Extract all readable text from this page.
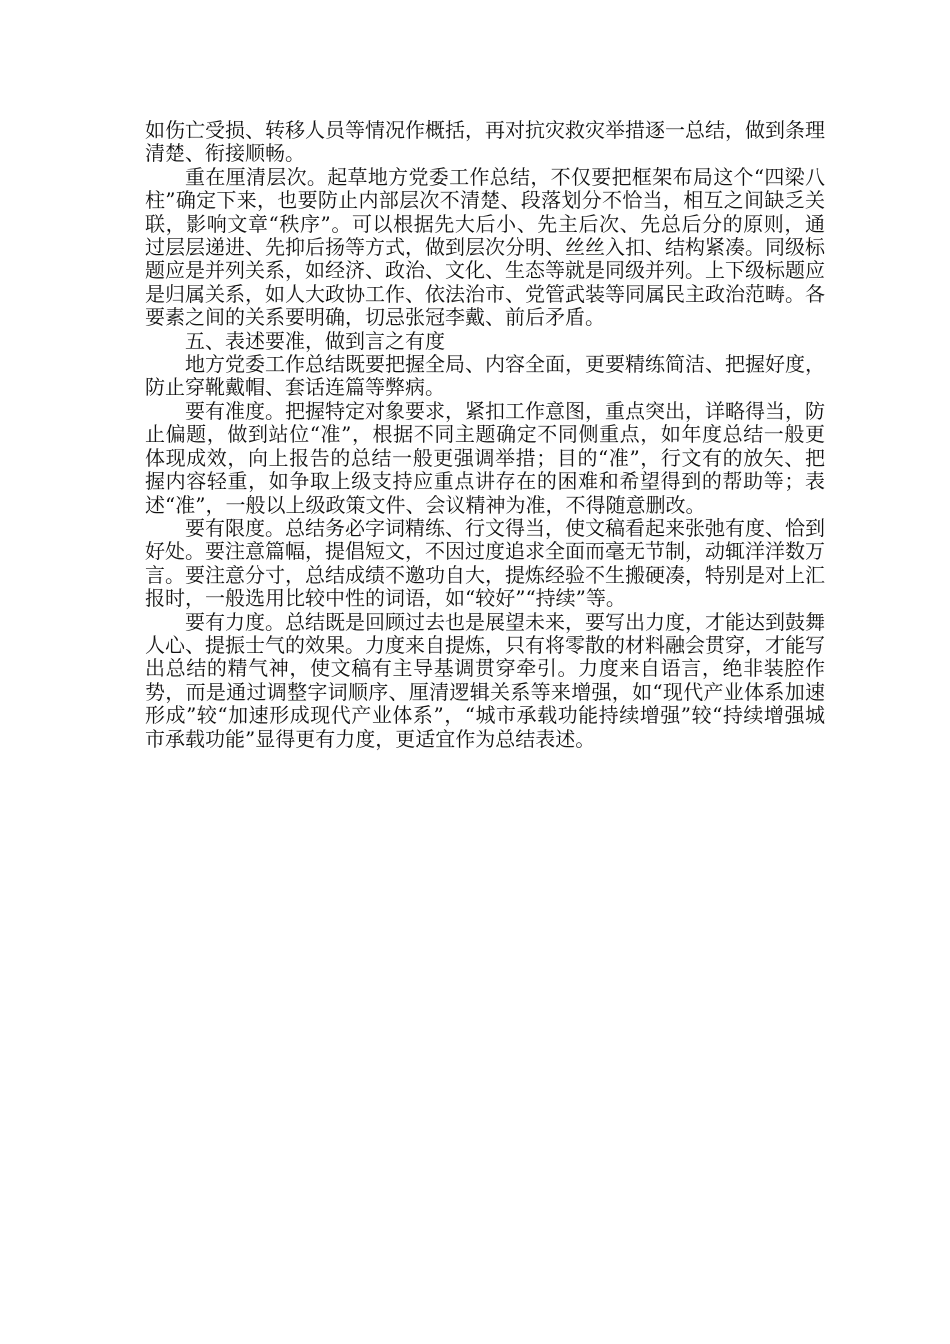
如伤亡受损、转移人员等情况作概括，再对抗灾救灾举措逐一总结，做到条理清楚、衔接顺畅。

重在厘清层次。起草地方党委工作总结，不仅要把框架布局这个“四梁八柱”确定下来，也要防止内部层次不清楚、段落划分不恰当，相互之间缺乏关联，影响文章“秩序”。可以根据先大后小、先主后次、先总后分的原则，通过层层递进、先抑后扬等方式，做到层次分明、丝丝入扣、结构紧凑。同级标题应是并列关系，如经济、政治、文化、生态等就是同级并列。上下级标题应是归属关系，如人大政协工作、依法治市、党管武装等同属民主政治范畴。各要素之间的关系要明确，切忌张冠李戴、前后矛盾。

五、表述要准，做到言之有度

地方党委工作总结既要把握全局、内容全面，更要精练简洁、把握好度，防止穿靴戴帽、套话连篇等弊病。

要有准度。把握特定对象要求，紧扣工作意图，重点突出，详略得当，防止偏题，做到站位“准”，根据不同主题确定不同侧重点，如年度总结一般更体现成效，向上报告的总结一般更强调举措；目的“准”，行文有的放矢、把握内容轻重，如争取上级支持应重点讲存在的困难和希望得到的帮助等；表述“准”，一般以上级政策文件、会议精神为准，不得随意删改。

要有限度。总结务必字词精练、行文得当，使文稿看起来张弛有度、恰到好处。要注意篇幅，提倡短文，不因过度追求全面而毫无节制，动辄洋洋数万言。要注意分寸，总结成绩不邀功自大，提炼经验不生搬硬凑，特别是对上汇报时，一般选用比较中性的词语，如“较好”“持续”等。

要有力度。总结既是回顾过去也是展望未来，要写出力度，才能达到鼓舞人心、提振士气的效果。力度来自提炼，只有将零散的材料融会贯穿，才能写出总结的精气神，使文稿有主导基调贯穿牵引。力度来自语言，绝非装腔作势，而是通过调整字词顺序、厘清逻辑关系等来增强，如“现代产业体系加速形成”较“加速形成现代产业体系”，“城市承载功能持续增强”较“持续增强城市承载功能”显得更有力度，更适宜作为总结表述。
